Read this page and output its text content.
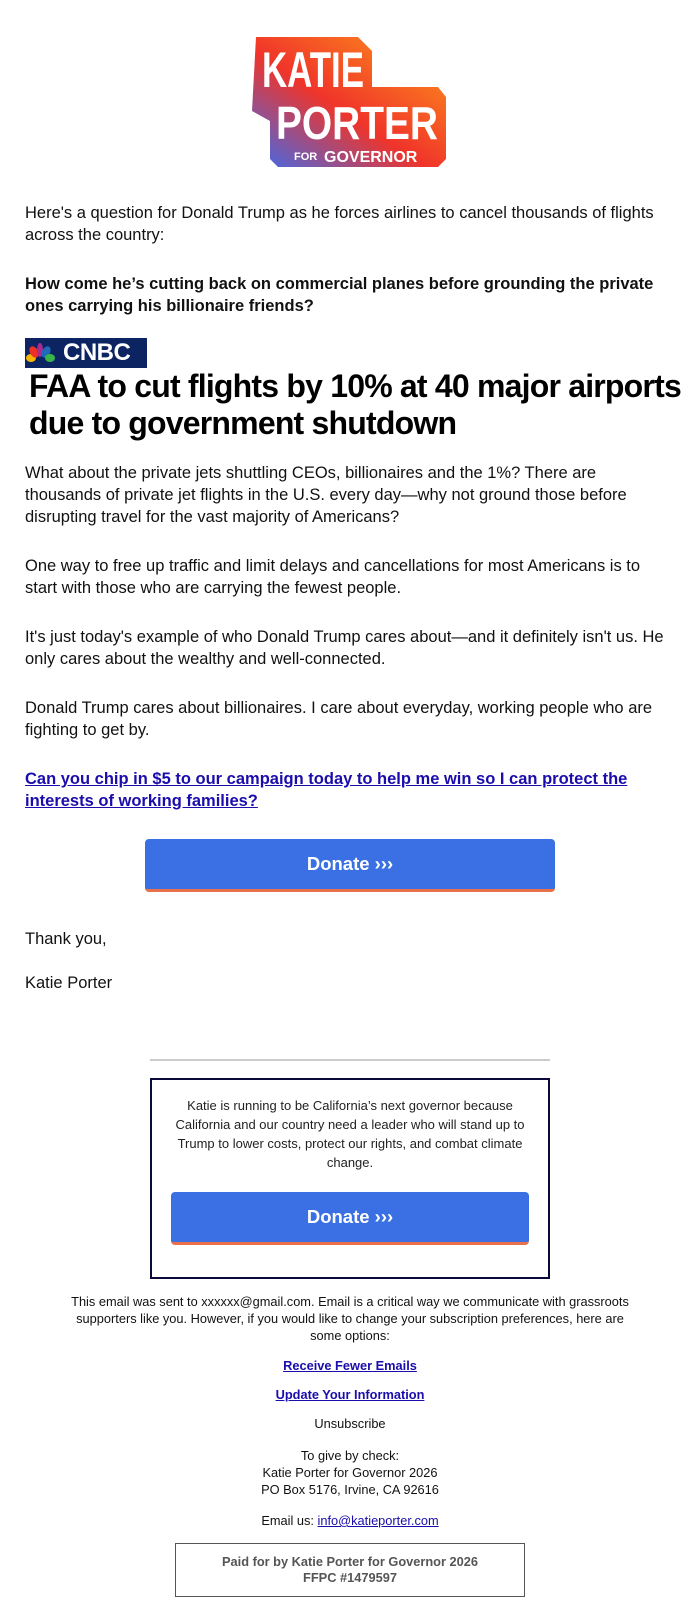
KATIE
PORTER
FOR GOVERNOR

Here's a question for Donald Trump as he forces airlines to cancel thousands of flights across the country:

How come he’s cutting back on commercial planes before grounding the private ones carrying his billionaire friends?

CNBC
FAA to cut flights by 10% at 40 major airports due to government shutdown

What about the private jets shuttling CEOs, billionaires and the 1%? There are thousands of private jet flights in the U.S. every day—why not ground those before disrupting travel for the vast majority of Americans?

One way to free up traffic and limit delays and cancellations for most Americans is to start with those who are carrying the fewest people.

It's just today's example of who Donald Trump cares about—and it definitely isn't us. He only cares about the wealthy and well-connected.

Donald Trump cares about billionaires. I care about everyday, working people who are fighting to get by.

Can you chip in $5 to our campaign today to help me win so I can protect the interests of working families?

Donate ›››

Thank you,

Katie Porter

Katie is running to be California’s next governor because California and our country need a leader who will stand up to Trump to lower costs, protect our rights, and combat climate change.

Donate ›››

This email was sent to xxxxxx@gmail.com. Email is a critical way we communicate with grassroots supporters like you. However, if you would like to change your subscription preferences, here are some options:

Receive Fewer Emails

Update Your Information

Unsubscribe

To give by check:

Katie Porter for Governor 2026

PO Box 5176, Irvine, CA 92616

Email us: info@katieporter.com

Paid for by Katie Porter for Governor 2026
FFPC #1479597
